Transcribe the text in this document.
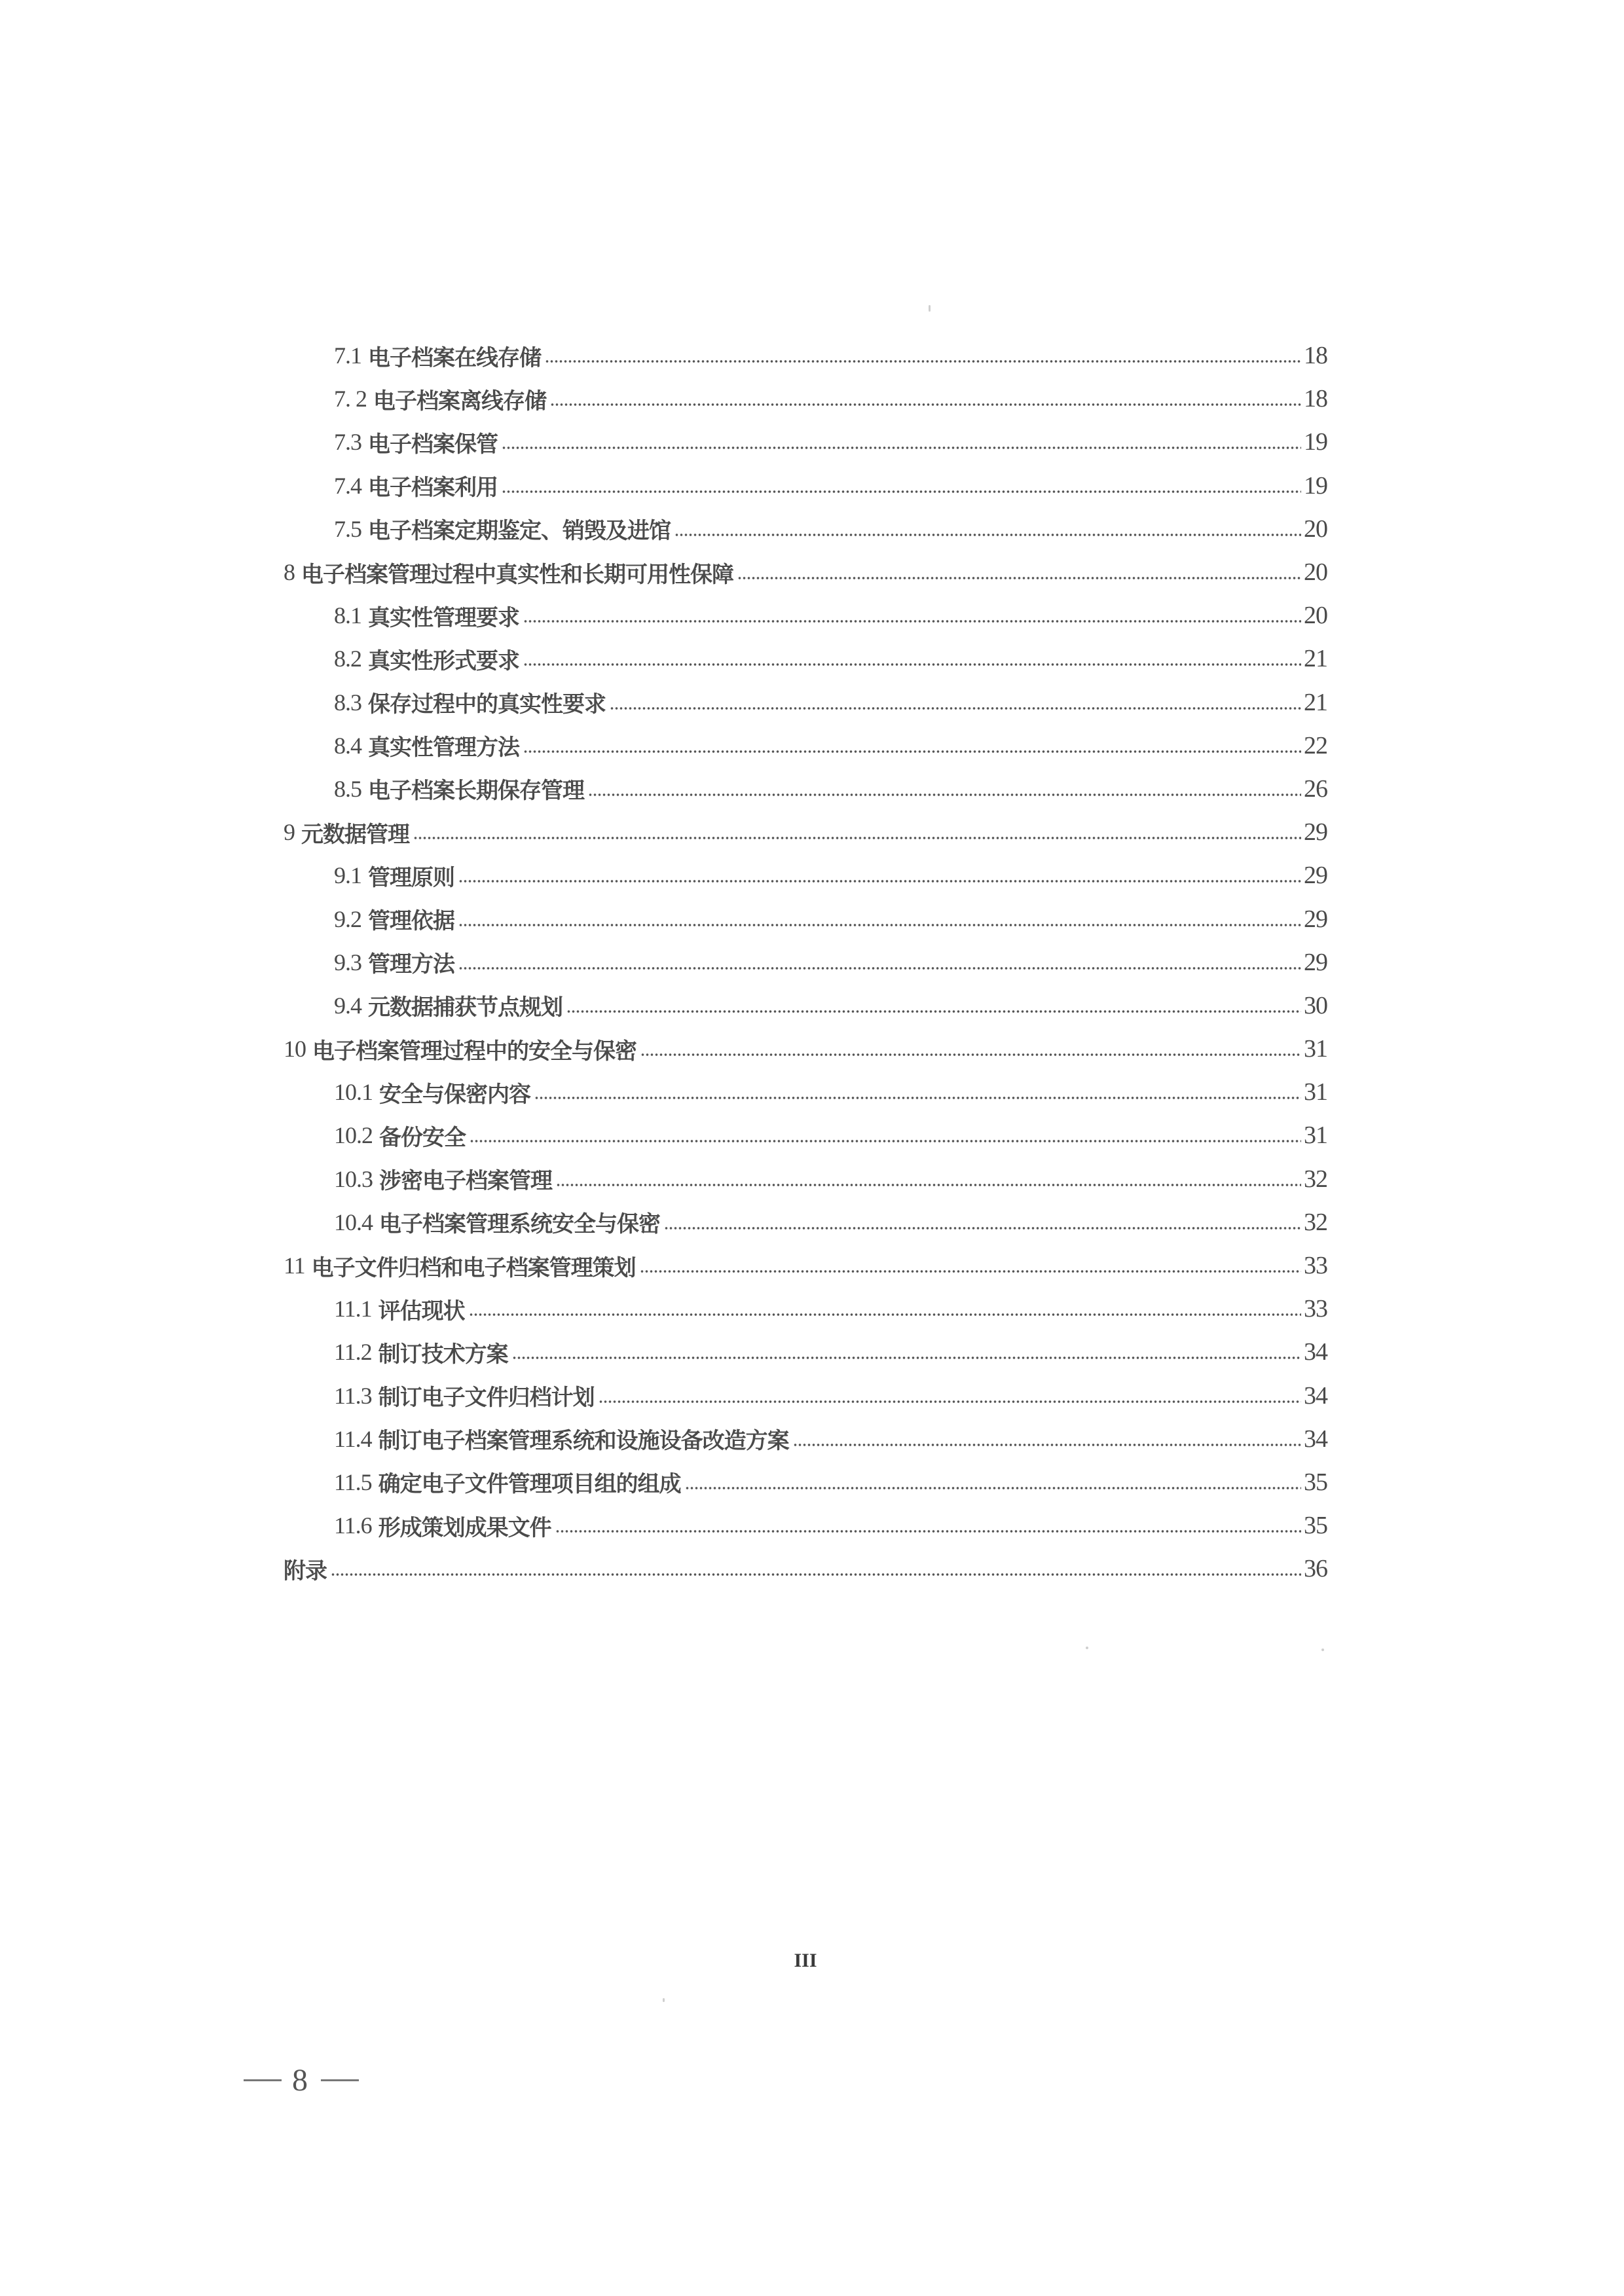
7.1 电子档案在线存储	18
7. 2 电子档案离线存储	18
7.3 电子档案保管	19
7.4 电子档案利用	19
7.5 电子档案定期鉴定、销毁及进馆	20
8 电子档案管理过程中真实性和长期可用性保障	20
8.1 真实性管理要求	20
8.2 真实性形式要求	21
8.3 保存过程中的真实性要求	21
8.4 真实性管理方法	22
8.5 电子档案长期保存管理	26
9 元数据管理	29
9.1 管理原则	29
9.2 管理依据	29
9.3 管理方法	29
9.4 元数据捕获节点规划	30
10 电子档案管理过程中的安全与保密	31
10.1 安全与保密内容	31
10.2 备份安全	31
10.3 涉密电子档案管理	32
10.4 电子档案管理系统安全与保密	32
11 电子文件归档和电子档案管理策划	33
11.1 评估现状	33
11.2 制订技术方案	34
11.3 制订电子文件归档计划	34
11.4 制订电子档案管理系统和设施设备改造方案	34
11.5 确定电子文件管理项目组的组成	35
11.6 形成策划成果文件	35
附录	36
III
8
